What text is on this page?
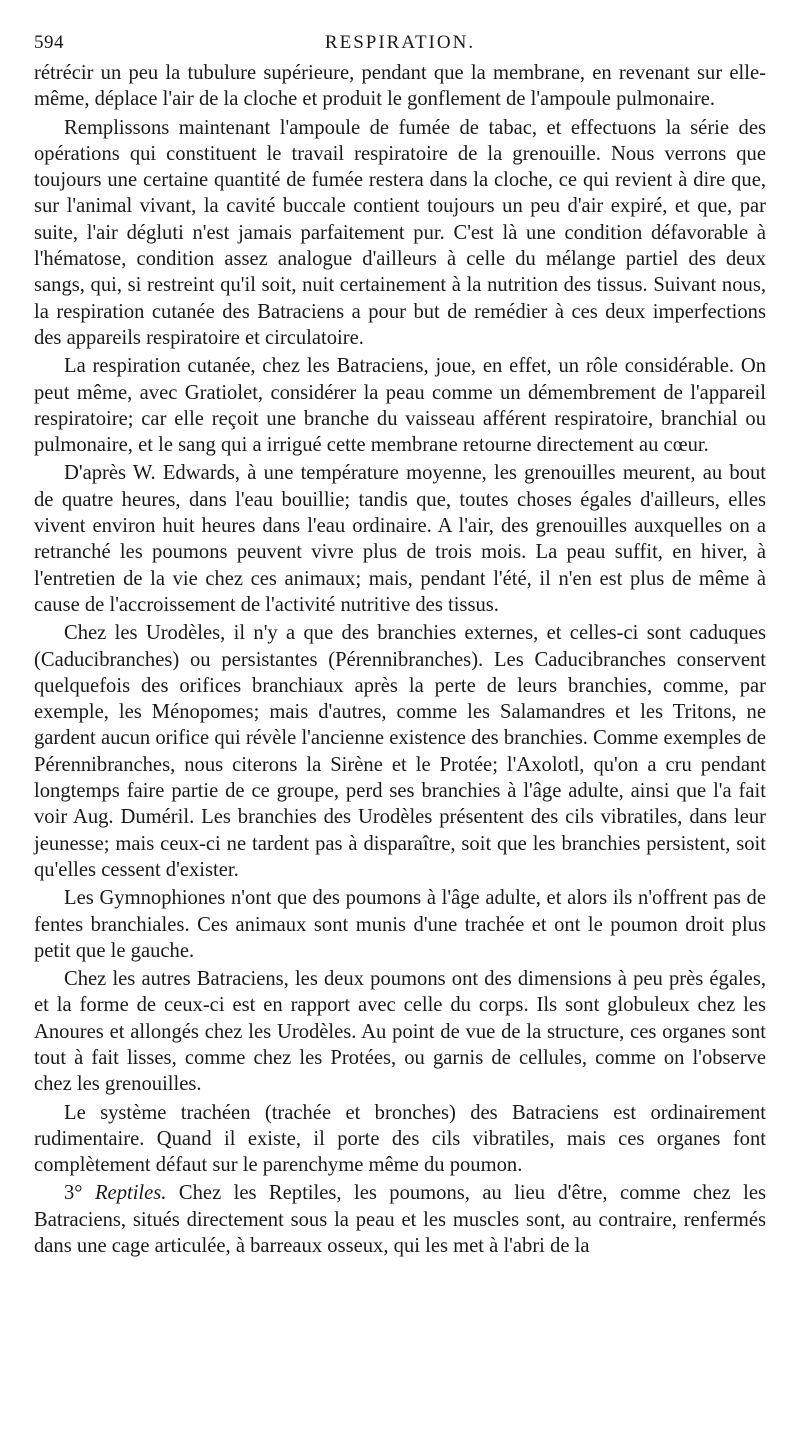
594	RESPIRATION.

rétrécir un peu la tubulure supérieure, pendant que la membrane, en revenant sur elle-même, déplace l'air de la cloche et produit le gonflement de l'ampoule pulmonaire.

Remplissons maintenant l'ampoule de fumée de tabac, et effectuons la série des opérations qui constituent le travail respiratoire de la grenouille. Nous verrons que toujours une certaine quantité de fumée restera dans la cloche, ce qui revient à dire que, sur l'animal vivant, la cavité buccale contient toujours un peu d'air expiré, et que, par suite, l'air dégluti n'est jamais parfaitement pur. C'est là une condition défavorable à l'hématose, condition assez analogue d'ailleurs à celle du mélange partiel des deux sangs, qui, si restreint qu'il soit, nuit certainement à la nutrition des tissus. Suivant nous, la respiration cutanée des Batraciens a pour but de remédier à ces deux imperfections des appareils respiratoire et circulatoire.

La respiration cutanée, chez les Batraciens, joue, en effet, un rôle considérable. On peut même, avec Gratiolet, considérer la peau comme un démembrement de l'appareil respiratoire; car elle reçoit une branche du vaisseau afférent respiratoire, branchial ou pulmonaire, et le sang qui a irrigué cette membrane retourne directement au cœur.

D'après W. Edwards, à une température moyenne, les grenouilles meurent, au bout de quatre heures, dans l'eau bouillie; tandis que, toutes choses égales d'ailleurs, elles vivent environ huit heures dans l'eau ordinaire. A l'air, des grenouilles auxquelles on a retranché les poumons peuvent vivre plus de trois mois. La peau suffit, en hiver, à l'entretien de la vie chez ces animaux; mais, pendant l'été, il n'en est plus de même à cause de l'accroissement de l'activité nutritive des tissus.

Chez les Urodèles, il n'y a que des branchies externes, et celles-ci sont caduques (Caducibranches) ou persistantes (Pérennibranches). Les Caducibranches conservent quelquefois des orifices branchiaux après la perte de leurs branchies, comme, par exemple, les Ménopomes; mais d'autres, comme les Salamandres et les Tritons, ne gardent aucun orifice qui révèle l'ancienne existence des branchies. Comme exemples de Pérennibranches, nous citerons la Sirène et le Protée; l'Axolotl, qu'on a cru pendant longtemps faire partie de ce groupe, perd ses branchies à l'âge adulte, ainsi que l'a fait voir Aug. Duméril. Les branchies des Urodèles présentent des cils vibratiles, dans leur jeunesse; mais ceux-ci ne tardent pas à disparaître, soit que les branchies persistent, soit qu'elles cessent d'exister.

Les Gymnophiones n'ont que des poumons à l'âge adulte, et alors ils n'offrent pas de fentes branchiales. Ces animaux sont munis d'une trachée et ont le poumon droit plus petit que le gauche.

Chez les autres Batraciens, les deux poumons ont des dimensions à peu près égales, et la forme de ceux-ci est en rapport avec celle du corps. Ils sont globuleux chez les Anoures et allongés chez les Urodèles. Au point de vue de la structure, ces organes sont tout à fait lisses, comme chez les Protées, ou garnis de cellules, comme on l'observe chez les grenouilles.

Le système trachéen (trachée et bronches) des Batraciens est ordinairement rudimentaire. Quand il existe, il porte des cils vibratiles, mais ces organes font complètement défaut sur le parenchyme même du poumon.

3° Reptiles. Chez les Reptiles, les poumons, au lieu d'être, comme chez les Batraciens, situés directement sous la peau et les muscles sont, au contraire, renfermés dans une cage articulée, à barreaux osseux, qui les met à l'abri de la
